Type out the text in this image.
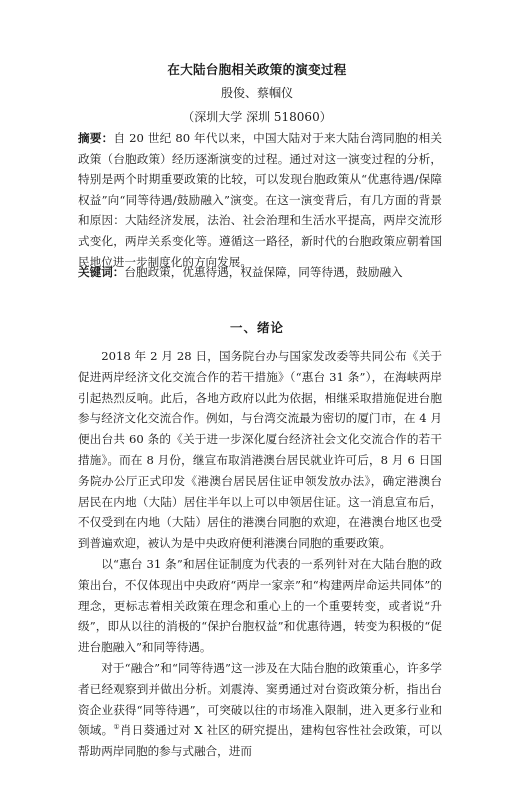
在大陆台胞相关政策的演变过程
殷俊、蔡帼仪
（深圳大学 深圳 518060）
摘要：自 20 世纪 80 年代以来，中国大陆对于来大陆台湾同胞的相关政策（台胞政策）经历逐渐演变的过程。通过对这一演变过程的分析，特别是两个时期重要政策的比较，可以发现台胞政策从“优惠待遇/保障权益”向“同等待遇/鼓励融入”演变。在这一演变背后，有几方面的背景和原因：大陆经济发展，法治、社会治理和生活水平提高，两岸交流形式变化，两岸关系变化等。遵循这一路径，新时代的台胞政策应朝着国民地位进一步制度化的方向发展。
关键词：台胞政策，优惠待遇，权益保障，同等待遇，鼓励融入
一、绪论

2018 年 2 月 28 日，国务院台办与国家发改委等共同公布《关于促进两岸经济文化交流合作的若干措施》（“惠台 31 条”），在海峡两岸引起热烈反响。此后，各地方政府以此为依据，相继采取措施促进台胞参与经济文化交流合作。例如，与台湾交流最为密切的厦门市，在 4 月便出台共 60 条的《关于进一步深化厦台经济社会文化交流合作的若干措施》。而在 8 月份，继宣布取消港澳台居民就业许可后，8 月 6 日国务院办公厅正式印发《港澳台居民居住证申领发放办法》，确定港澳台居民在内地（大陆）居住半年以上可以申领居住证。这一消息宣布后，不仅受到在内地（大陆）居住的港澳台同胞的欢迎，在港澳台地区也受到普遍欢迎，被认为是中央政府便利港澳台同胞的重要政策。

以“惠台 31 条”和居住证制度为代表的一系列针对在大陆台胞的政策出台，不仅体现出中央政府“两岸一家亲”和“构建两岸命运共同体”的理念，更标志着相关政策在理念和重心上的一个重要转变，或者说“升级”，即从以往的消极的“保护台胞权益”和优惠待遇，转变为积极的“促进台胞融入”和同等待遇。

对于“融合”和“同等待遇”这一涉及在大陆台胞的政策重心，许多学者已经观察到并做出分析。刘震涛、窦勇通过对台资政策分析，指出台资企业获得“同等待遇”，可突破以往的市场准入限制，进入更多行业和领域。①肖日葵通过对 X 社区的研究提出，建构包容性社会政策，可以帮助两岸同胞的参与式融合，进而
